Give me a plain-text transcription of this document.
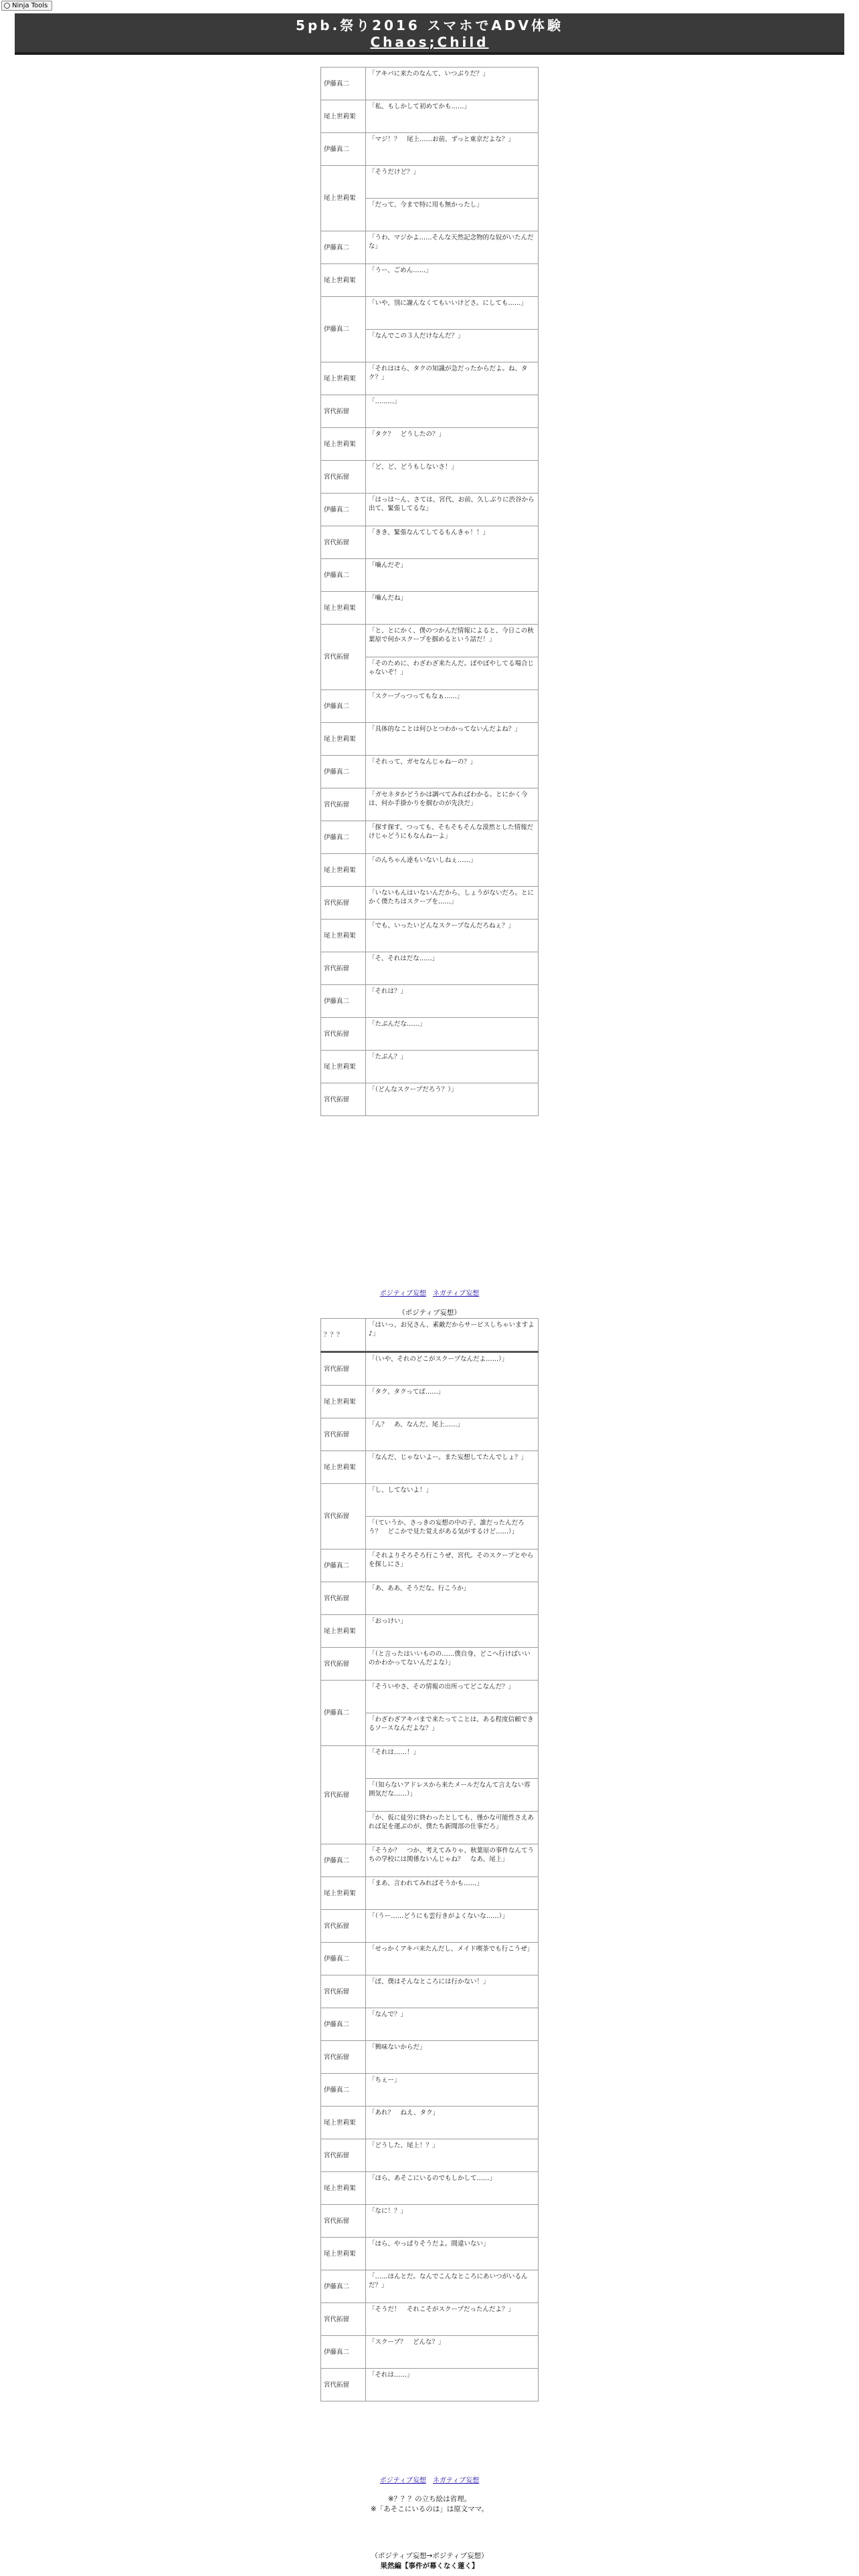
Ninja Tools
5pb.祭り2016 スマホでADV体験
Chaos;Child
伊藤真二	「アキバに来たのなんて、いつぶりだ？」
尾上世莉架	「私、もしかして初めてかも……」
伊藤真二	「マジ！？　尾上……お前、ずっと東京だよな？」
尾上世莉架	「そうだけど？」
	「だって、今まで特に用も無かったし」
伊藤真二	「うわ、マジかよ……そんな天然記念物的な奴がいたんだな」
尾上世莉架	「うー、ごめん……」
伊藤真二	「いや、別に謝んなくてもいいけどさ。にしても……」
	「なんでこの３人だけなんだ？」
尾上世莉架	「それはほら、タクの知識が急だったからだよ。ね、タク？」
宮代拓留	「………」
尾上世莉架	「タク？　どうしたの？」
宮代拓留	「ど、ど、どうもしないさ！」
伊藤真二	「はっは～ん、さては、宮代、お前、久しぶりに渋谷から出て、緊張してるな」
宮代拓留	「きき、緊張なんてしてるもんきゃ！！」
伊藤真二	「噛んだぞ」
尾上世莉架	「噛んだね」
宮代拓留	「と、とにかく、僕のつかんだ情報によると、今日この秋葉原で何かスクープを掴めるという話だ！」
	「そのために、わざわざ来たんだ。ぼやぼやしてる場合じゃないぞ！」
伊藤真二	「スクープっつってもなぁ……」
尾上世莉架	「具体的なことは何ひとつわかってないんだよね？」
伊藤真二	「それって、ガセなんじゃねーの？」
宮代拓留	「ガセネタかどうかは調べてみればわかる。とにかく今は、何か手掛かりを掴むのが先決だ」
伊藤真二	「探す探す、つっても、そもそもそんな漠然とした情報だけじゃどうにもなんねーよ」
尾上世莉架	「のんちゃん達もいないしねぇ……」
宮代拓留	「いないもんはいないんだから、しょうがないだろ。とにかく僕たちはスクープを……」
尾上世莉架	「でも、いったいどんなスクープなんだろねぇ？」
宮代拓留	「そ、それはだな……」
伊藤真二	「それは？」
宮代拓留	「たぶんだな……」
尾上世莉架	「たぶん？」
宮代拓留	「（どんなスクープだろう？）」
ポジティブ妄想 ネガティブ妄想
（ポジティブ妄想）
？？？	「はいっ、お兄さん、素敵だからサービスしちゃいますよ♪」
宮代拓留	「（いや、それのどこがスクープなんだよ……）」
尾上世莉架	「タク、タクってば……」
宮代拓留	「ん？　あ、なんだ、尾上……」
尾上世莉架	「なんだ、じゃないよー。また妄想してたんでしょ？」
宮代拓留	「し、してないよ！」
	「（ていうか、さっきの妄想の中の子、誰だったんだろう？　どこかで見た覚えがある気がするけど……）」
伊藤真二	「それよりそろそろ行こうぜ、宮代。そのスクープとやらを探しにさ」
宮代拓留	「あ、ああ、そうだな。行こうか」
尾上世莉架	「おっけい」
宮代拓留	「（と言ったはいいものの……僕自身、どこへ行けばいいのかわかってないんだよな）」
伊藤真二	「そういやさ、その情報の出所ってどこなんだ？」
	「わざわざアキバまで来たってことは、ある程度信頼できるソースなんだよな？」
宮代拓留	「それは……！」
	「（知らないアドレスから来たメールだなんて言えない雰囲気だな……）」
	「か、仮に徒労に終わったとしても、僅かな可能性さえあれば足を運ぶのが、僕たち新聞部の仕事だろ」
伊藤真二	「そうか？　つか、考えてみりゃ、秋葉原の事件なんてうちの学校には関係ないんじゃね？　なあ、尾上」
尾上世莉架	「まあ、言われてみればそうかも……」
宮代拓留	「（うー……どうにも雲行きがよくないな……）」
伊藤真二	「せっかくアキバ来たんだし、メイド喫茶でも行こうぜ」
宮代拓留	「ぼ、僕はそんなところには行かない！」
伊藤真二	「なんで？」
宮代拓留	「興味ないからだ」
伊藤真二	「ちぇー」
尾上世莉架	「あれ？　ねえ、タク」
宮代拓留	「どうした、尾上！？」
尾上世莉架	「ほら、あそこにいるのでもしかして……」
宮代拓留	「なに！？」
尾上世莉架	「ほら、やっぱりそうだよ。間違いない」
伊藤真二	「……ほんとだ。なんでこんなところにあいつがいるんだ？」
宮代拓留	「そうだ！　それこそがスクープだったんだよ？」
伊藤真二	「スクープ？　どんな？」
宮代拓留	「それは……」
ポジティブ妄想 ネガティブ妄想
※？？？の立ち絵は省理。
※「あそこにいるのは」は原文ママ。
（ポジティブ妄想→ポジティブ妄想）
果然編【事件が幕くなく蓮く】
